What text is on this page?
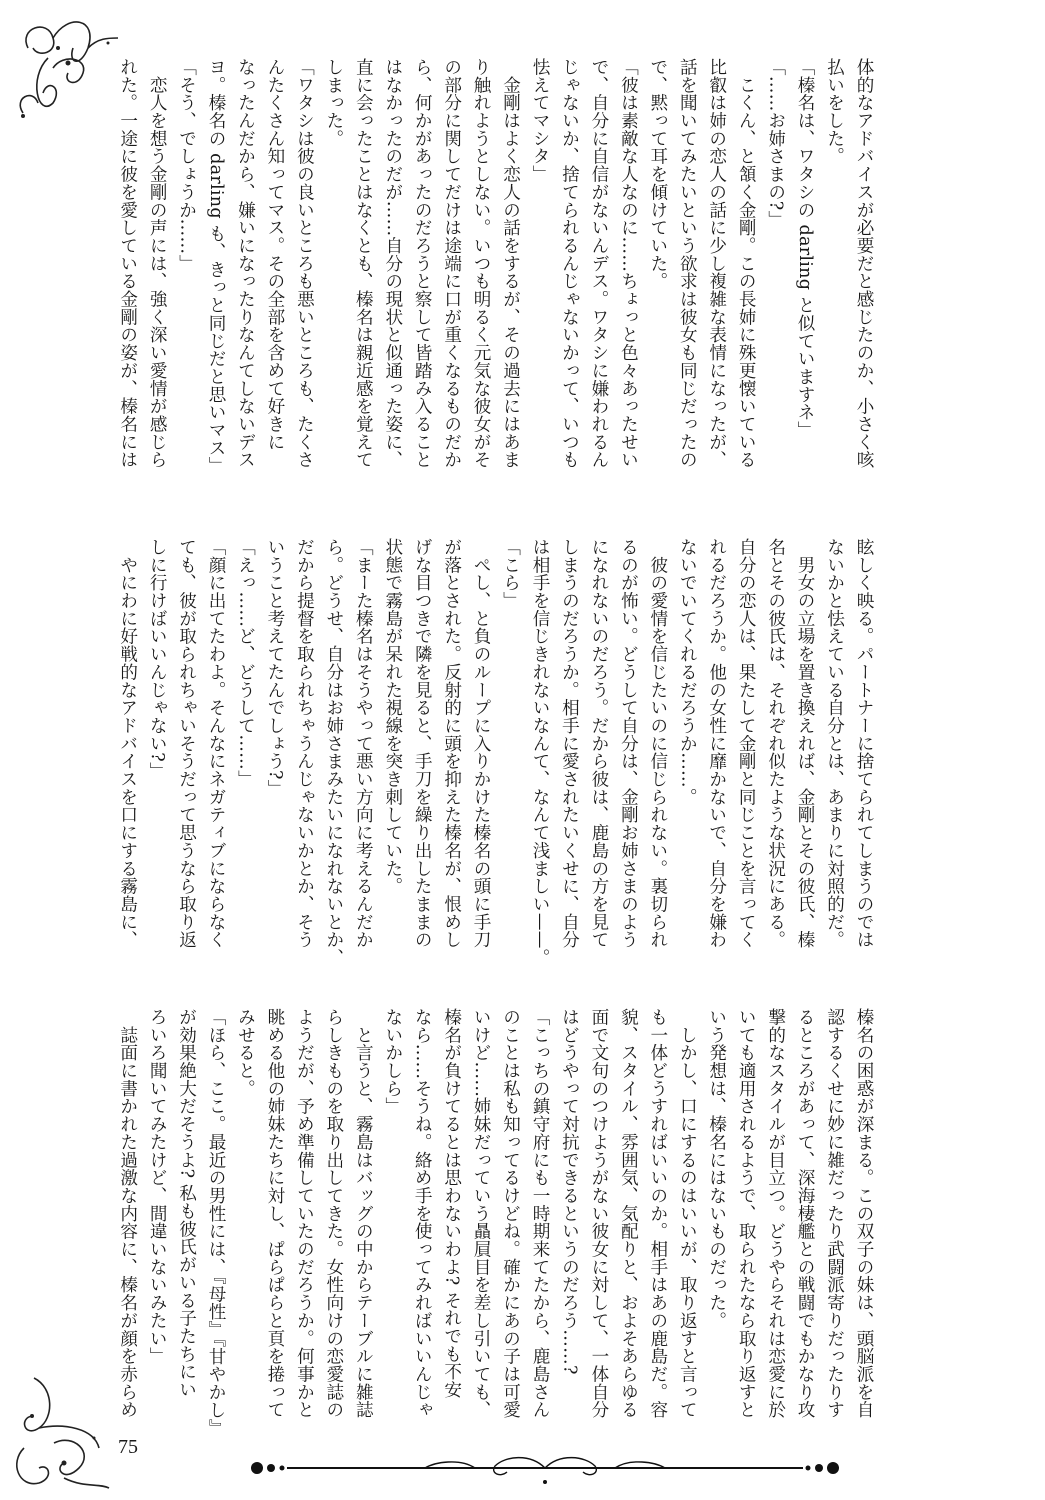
体的なアドバイスが必要だと感じたのか、小さく咳
払いをした。
「榛名は、ワタシの darling と似ていますネ」
「……お姉さまの?」
　こくん、と頷く金剛。この長姉に殊更懐いている
比叡は姉の恋人の話に少し複雑な表情になったが、
話を聞いてみたいという欲求は彼女も同じだったの
で、黙って耳を傾けていた。
「彼は素敵な人なのに……ちょっと色々あったせい
で、自分に自信がないんデス。ワタシに嫌われるん
じゃないか、捨てられるんじゃないかって、いつも
怯えてマシタ」
　金剛はよく恋人の話をするが、その過去にはあま
り触れようとしない。いつも明るく元気な彼女がそ
の部分に関してだけは途端に口が重くなるものだか
ら、何かがあったのだろうと察して皆踏み入ること
はなかったのだが……自分の現状と似通った姿に、
直に会ったことはなくとも、榛名は親近感を覚えて
しまった。
「ワタシは彼の良いところも悪いところも、たくさ
んたくさん知ってマス。その全部を含めて好きに
なったんだから、嫌いになったりなんてしないデス
ヨ。榛名の darling も、きっと同じだと思いマス」
「そう、でしょうか……」
　恋人を想う金剛の声には、強く深い愛情が感じら
れた。一途に彼を愛している金剛の姿が、榛名には
眩しく映る。パートナーに捨てられてしまうのでは
ないかと怯えている自分とは、あまりに対照的だ。
　男女の立場を置き換えれば、金剛とその彼氏、榛
名とその彼氏は、それぞれ似たような状況にある。
自分の恋人は、果たして金剛と同じことを言ってく
れるだろうか。他の女性に靡かないで、自分を嫌わ
ないでいてくれるだろうか……。
　彼の愛情を信じたいのに信じられない。裏切られ
るのが怖い。どうして自分は、金剛お姉さまのよう
になれないのだろう。だから彼は、鹿島の方を見て
しまうのだろうか。相手に愛されたいくせに、自分
は相手を信じきれないなんて、なんて浅ましい——。
「こら」
　ぺし、と負のループに入りかけた榛名の頭に手刀
が落とされた。反射的に頭を抑えた榛名が、恨めし
げな目つきで隣を見ると、手刀を繰り出したままの
状態で霧島が呆れた視線を突き刺していた。
「まーた榛名はそうやって悪い方向に考えるんだか
ら。どうせ、自分はお姉さまみたいになれないとか、
だから提督を取られちゃうんじゃないかとか、そう
いうこと考えてたんでしょう?」
「えっ……ど、どうして……」
「顔に出てたわよ。そんなにネガティブにならなく
ても、彼が取られちゃいそうだって思うなら取り返
しに行けばいいんじゃない?」
　やにわに好戦的なアドバイスを口にする霧島に、
榛名の困惑が深まる。この双子の妹は、頭脳派を自
認するくせに妙に雑だったり武闘派寄りだったりす
るところがあって、深海棲艦との戦闘でもかなり攻
撃的なスタイルが目立つ。どうやらそれは恋愛に於
いても適用されるようで、取られたなら取り返すと
いう発想は、榛名にはないものだった。
　しかし、口にするのはいいが、取り返すと言って
も一体どうすればいいのか。相手はあの鹿島だ。容
貌、スタイル、雰囲気、気配りと、およそあらゆる
面で文句のつけようがない彼女に対して、一体自分
はどうやって対抗できるというのだろう……?
「こっちの鎮守府にも一時期来てたから、鹿島さん
のことは私も知ってるけどね。確かにあの子は可愛
いけど……姉妹だっていう贔屓目を差し引いても、
榛名が負けてるとは思わないわよ? それでも不安
なら……そうね。絡め手を使ってみればいいんじゃ
ないかしら」
　と言うと、霧島はバッグの中からテーブルに雑誌
らしきものを取り出してきた。女性向けの恋愛誌の
ようだが、予め準備していたのだろうか。何事かと
眺める他の姉妹たちに対し、ぱらぱらと頁を捲って
みせると。
「ほら、ここ。最近の男性には、『母性』『甘やかし』
が効果絶大だそうよ? 私も彼氏がいる子たちにい
ろいろ聞いてみたけど、間違いないみたい」
　誌面に書かれた過激な内容に、榛名が顔を赤らめ
75
